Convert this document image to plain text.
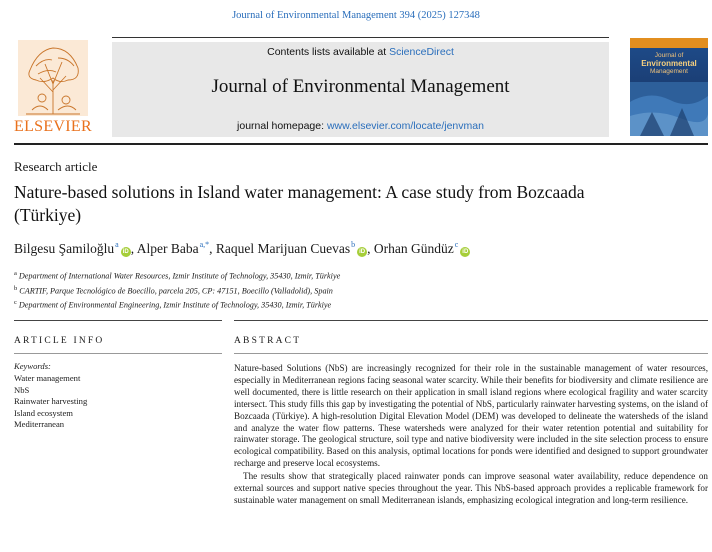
Journal of Environmental Management 394 (2025) 127348
ELSEVIER
Contents lists available at ScienceDirect
Journal of Environmental Management
journal homepage: www.elsevier.com/locate/jenvman
Journal of
Environmental
Management
Research article
Nature-based solutions in Island water management: A case study from Bozcaada (Türkiye)
Bilgesu Şamiloğlu$^a$iD , Alper Baba$^{a,*}$, Raquel Marijuan Cuevas$^b$iD , Orhan Gündüz$^c$iD
$^a$ Department of International Water Resources, Izmir Institute of Technology, 35430, Izmir, Türkiye
$^b$ CARTIF, Parque Tecnológico de Boecillo, parcela 205, CP: 47151, Boecillo (Valladolid), Spain
$^c$ Department of Environmental Engineering, Izmir Institute of Technology, 35430, Izmir, Türkiye
ARTICLE INFO	ABSTRACT
Keywords:
Water management
NbS
Rainwater harvesting
Island ecosystem
Mediterranean

Nature-based Solutions (NbS) are increasingly recognized for their role in the sustainable management of water resources, especially in Mediterranean regions facing seasonal water scarcity. While their benefits for biodiversity and climate resilience are well documented, there is little research on their application in small island regions where ecological fragility and water scarcity intersect. This study fills this gap by investigating the potential of NbS, particularly rainwater harvesting systems, on the island of Bozcaada (Türkiye). A high-resolution Digital Elevation Model (DEM) was developed to delineate the watersheds of the island and analyze the water flow patterns. These watersheds were analyzed for their water retention potential and suitability for rainwater storage. The geological structure, soil type and native biodiversity were included in the site selection process to ensure ecological compatibility. Based on this analysis, optimal locations for ponds were identified and designed to support groundwater recharge and preserve local ecosystems.

The results show that strategically placed rainwater ponds can improve seasonal water availability, reduce dependence on external sources and support native species throughout the year. This NbS-based approach provides a replicable framework for sustainable water management on small Mediterranean islands, emphasizing ecological integration and long-term resilience.
